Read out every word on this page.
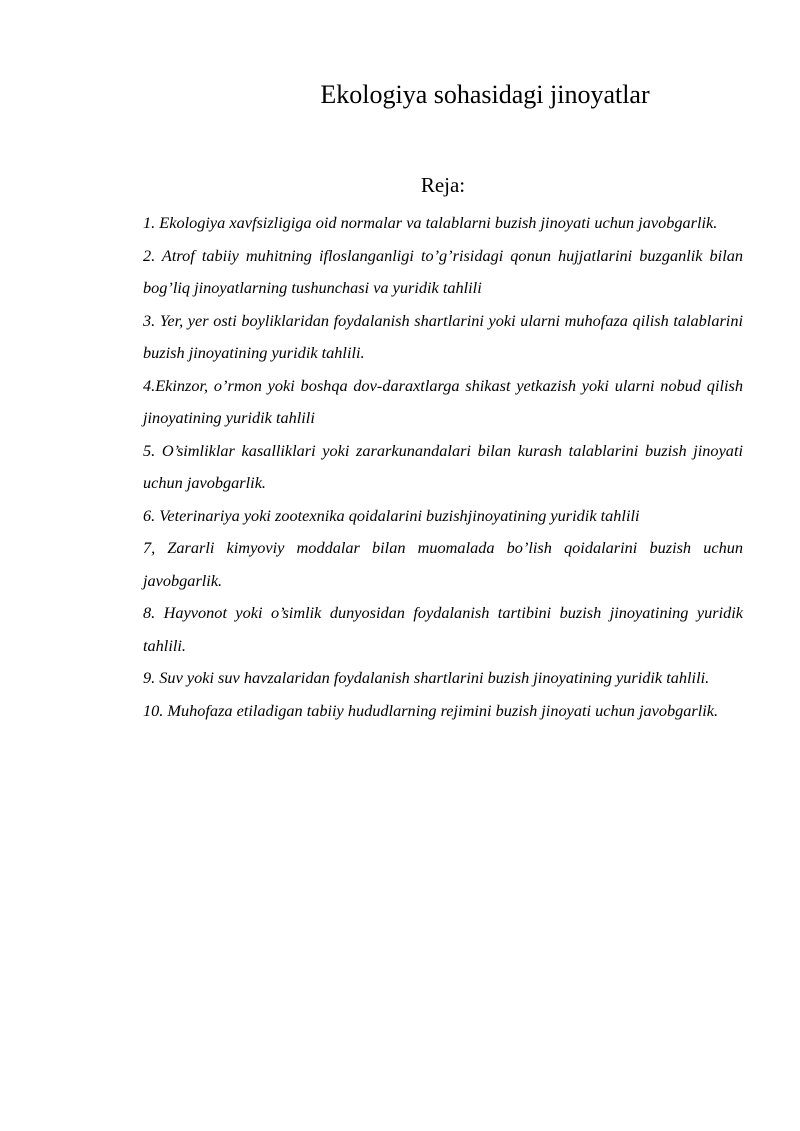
Ekologiya sohasidagi jinoyatlar
Reja:
1. Ekologiya xavfsizligiga oid normalar va talablarni buzish jinoyati uchun javobgarlik.
2. Atrof tabiiy muhitning ifloslanganligi to’g’risidagi qonun hujjatlarini buzganlik bilan bog’liq jinoyatlarning tushunchasi va yuridik tahlili
3. Yer, yer osti boyliklaridan foydalanish shartlarini yoki ularni muhofaza qilish talablarini buzish jinoyatining yuridik tahlili.
4.Ekinzor, o’rmon yoki boshqa dov-daraxtlarga shikast yetkazish yoki ularni nobud qilish jinoyatining yuridik tahlili
5. O’simliklar kasalliklari yoki zararkunandalari bilan kurash talablarini buzish jinoyati uchun javobgarlik.
6. Veterinariya yoki zootexnika qoidalarini buzishjinoyatining yuridik tahlili
7, Zararli kimyoviy moddalar bilan muomalada bo’lish qoidalarini buzish uchun javobgarlik.
8. Hayvonot yoki o’simlik dunyosidan foydalanish tartibini buzish jinoyatining yuridik tahlili.
9. Suv yoki suv havzalaridan foydalanish shartlarini buzish jinoyatining yuridik tahlili.
10. Muhofaza etiladigan tabiiy hududlarning rejimini buzish jinoyati uchun javobgarlik.
